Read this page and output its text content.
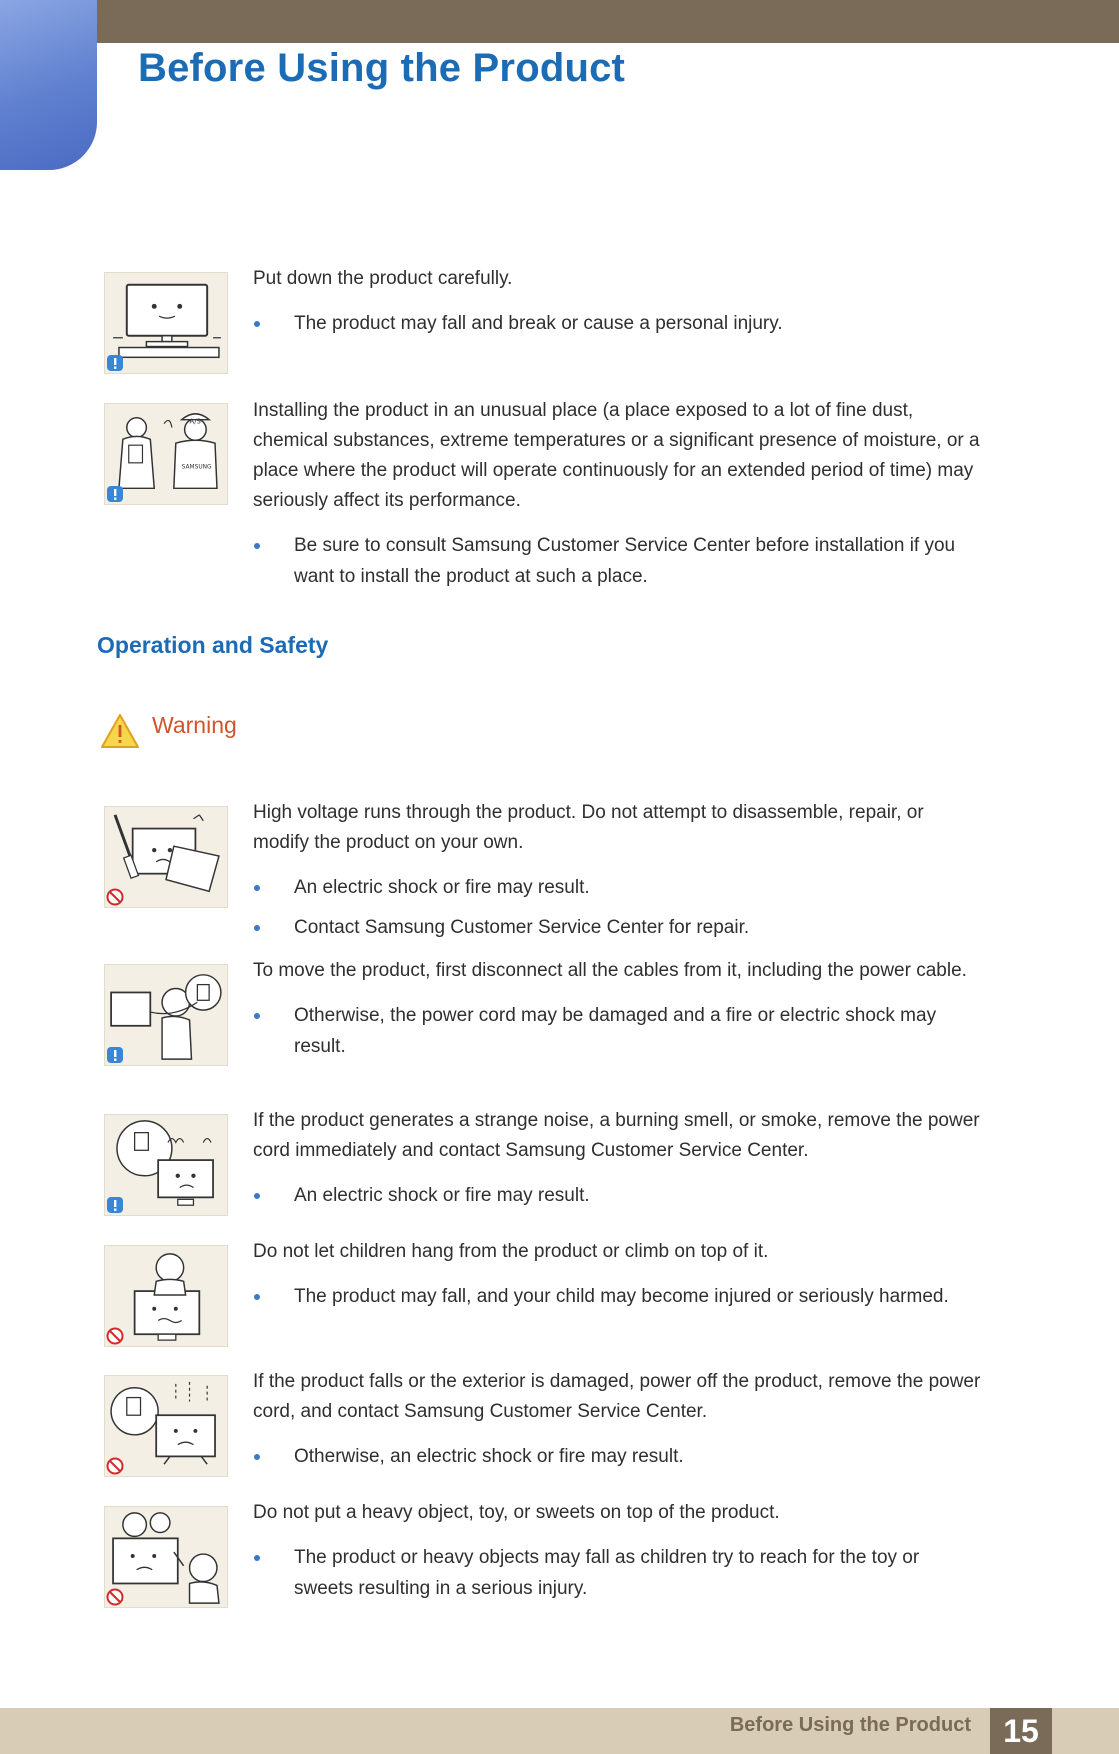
Before Using the Product

Put down the product carefully.

The product may fall and break or cause a personal injury.
A/S
SAMSUNG

Installing the product in an unusual place (a place exposed to a lot of fine dust, chemical substances, extreme temperatures or a significant presence of moisture, or a place where the product will operate continuously for an extended period of time) may seriously affect its performance.

Be sure to consult Samsung Customer Service Center before installation if you want to install the product at such a place.
Operation and Safety
Warning

High voltage runs through the product. Do not attempt to disassemble, repair, or modify the product on your own.

An electric shock or fire may result.
Contact Samsung Customer Service Center for repair.

To move the product, first disconnect all the cables from it, including the power cable.

Otherwise, the power cord may be damaged and a fire or electric shock may result.

If the product generates a strange noise, a burning smell, or smoke, remove the power cord immediately and contact Samsung Customer Service Center.

An electric shock or fire may result.

Do not let children hang from the product or climb on top of it.

The product may fall, and your child may become injured or seriously harmed.

If the product falls or the exterior is damaged, power off the product, remove the power cord, and contact Samsung Customer Service Center.

Otherwise, an electric shock or fire may result.

Do not put a heavy object, toy, or sweets on top of the product.

The product or heavy objects may fall as children try to reach for the toy or sweets resulting in a serious injury.
Before Using the Product	15
